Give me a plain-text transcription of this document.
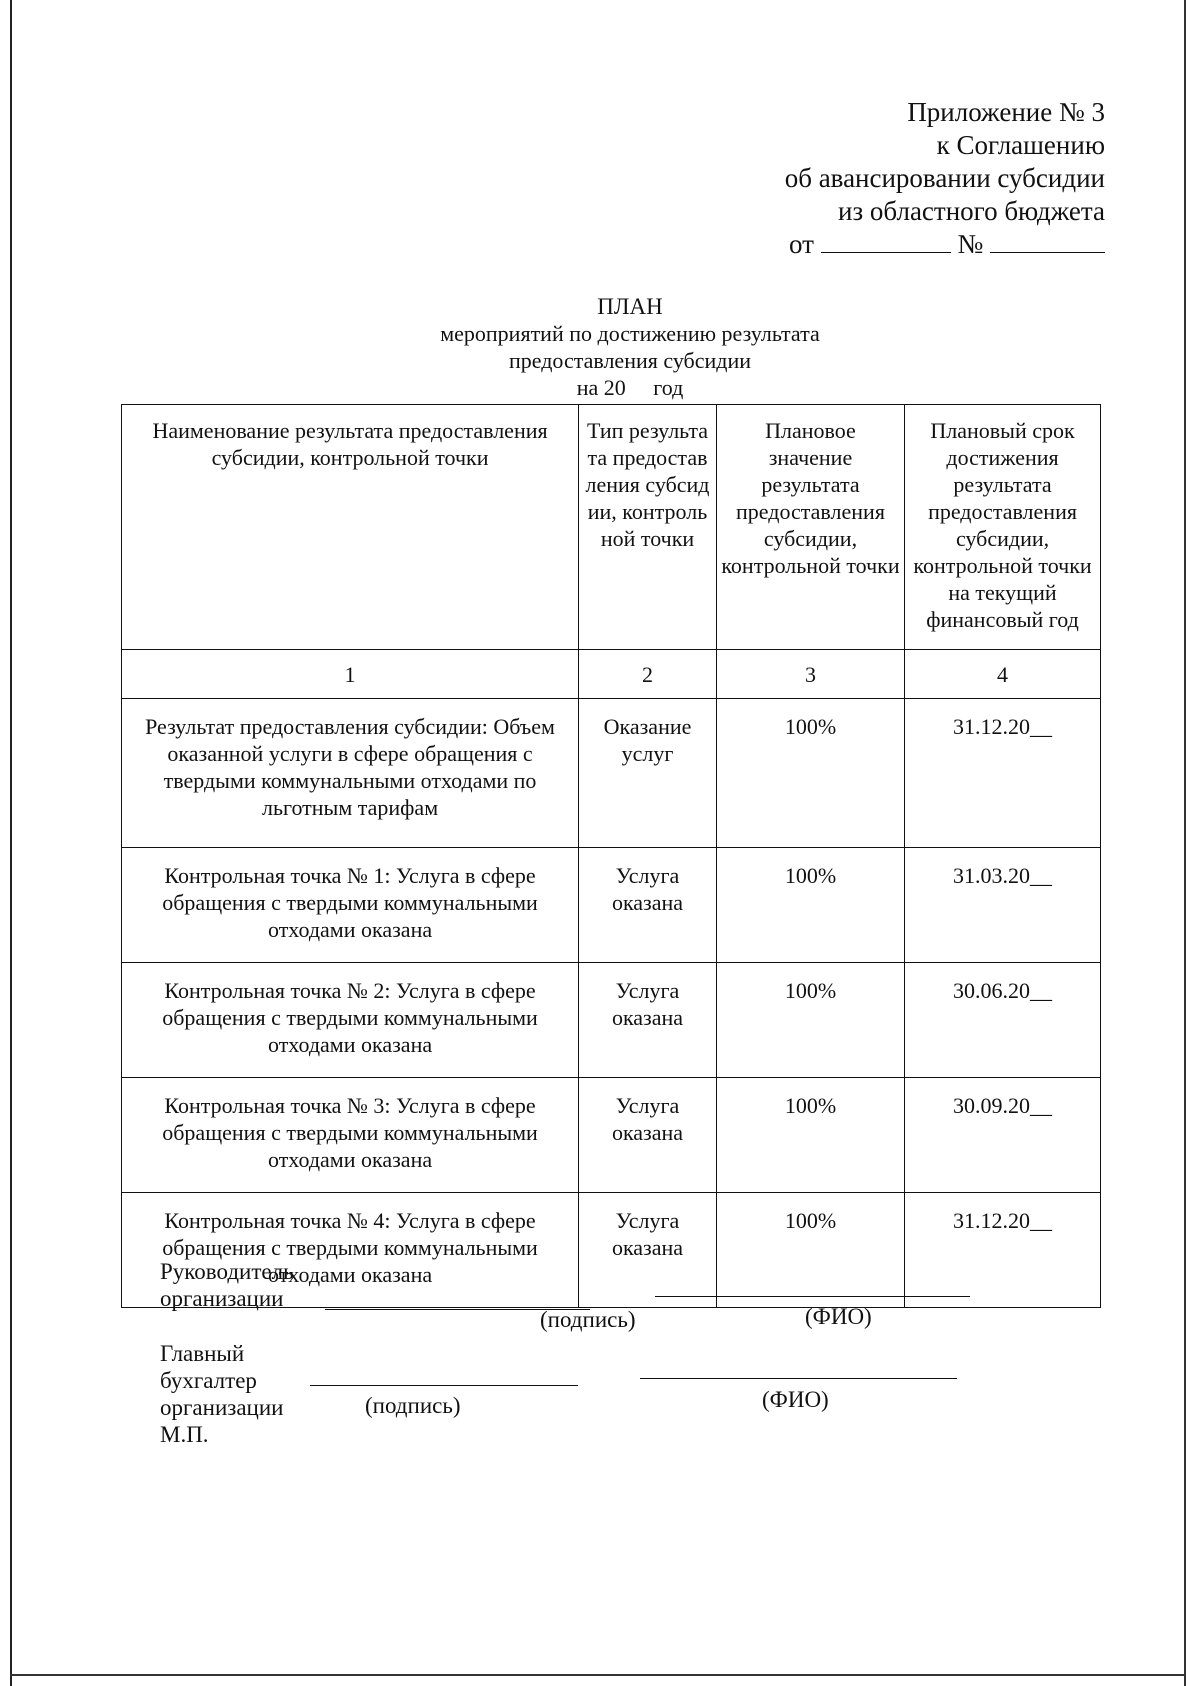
Приложение № 3
к Соглашению
об авансировании субсидии
из областного бюджета
от	№
ПЛАН
мероприятий по достижению результата
предоставления субсидии
на 20     год
Наименование результата предоставления субсидии, контрольной точки	Тип результата предоставления субсидии, контрольной точки	Плановое значение результата предоставления субсидии, контрольной точки	Плановый срок достижения результата предоставления субсидии, контрольной точки на текущий финансовый год
1	2	3	4
Результат предоставления субсидии: Объем оказанной услуги в сфере обращения с твердыми коммунальными отходами по льготным тарифам	Оказание услуг	100%	31.12.20__
Контрольная точка № 1: Услуга в сфере обращения с твердыми коммунальными отходами оказана	Услуга оказана	100%	31.03.20__
Контрольная точка № 2: Услуга в сфере обращения с твердыми коммунальными отходами оказана	Услуга оказана	100%	30.06.20__
Контрольная точка № 3: Услуга в сфере обращения с твердыми коммунальными отходами оказана	Услуга оказана	100%	30.09.20__
Контрольная точка № 4: Услуга в сфере обращения с твердыми коммунальными отходами оказана	Услуга оказана	100%	31.12.20__
Руководитель
организации
(подпись)	(ФИО)
Главный
бухгалтер
организации
М.П.
(подпись)	(ФИО)
